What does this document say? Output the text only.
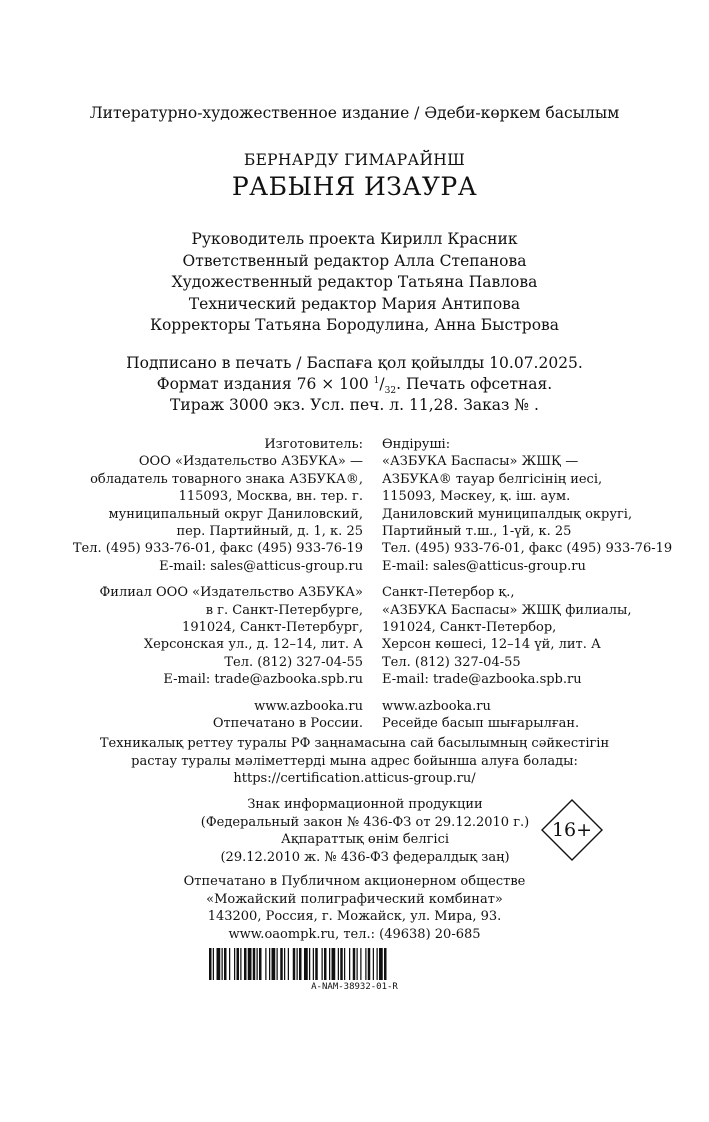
Литературно-художественное издание / Әдеби-көркем басылым
БЕРНАРДУ ГИМАРАЙНШ
РАБЫНЯ ИЗАУРА
Руководитель проекта Кирилл Красник
Ответственный редактор Алла Степанова
Художественный редактор Татьяна Павлова
Технический редактор Мария Антипова
Корректоры Татьяна Бородулина, Анна Быстрова
Подписано в печать / Баспаға қол қойылды 10.07.2025.
Формат издания 76 × 100 $^1/_{32}$. Печать офсетная.
Тираж 3000 экз. Усл. печ. л. 11,28. Заказ № .
Изготовитель:
ООО «Издательство АЗБУКА» —
обладатель товарного знака АЗБУКА®,
115093, Москва, вн. тер. г.
муниципальный округ Даниловский,
пер. Партийный, д. 1, к. 25
Тел. (495) 933-76-01, факс (495) 933-76-19
E-mail: sales@atticus-group.ru
Филиал ООО «Издательство АЗБУКА»
в г. Санкт-Петербурге,
191024, Санкт-Петербург,
Херсонская ул., д. 12–14, лит. А
Тел. (812) 327-04-55
E-mail: trade@azbooka.spb.ru
www.azbooka.ru
Отпечатано в России.
Өндіруші:
«АЗБУКА Баспасы» ЖШҚ —
АЗБУКА® тауар белгісінің иесі,
115093, Мәскеу, қ. іш. аум.
Даниловский муниципалдық округі,
Партийный т.ш., 1-үй, к. 25
Тел. (495) 933-76-01, факс (495) 933-76-19
E-mail: sales@atticus-group.ru
Санкт-Петербор қ.,
«АЗБУКА Баспасы» ЖШҚ филиалы,
191024, Санкт-Петербор,
Херсон көшесі, 12–14 үй, лит. А
Тел. (812) 327-04-55
E-mail: trade@azbooka.spb.ru
www.azbooka.ru
Ресейде басып шығарылған.
Техникалық реттеу туралы РФ заңнамасына сай басылымның сәйкестігін
растау туралы мәліметтерді мына адрес бойынша алуға болады:
https://certification.atticus-group.ru/
Знак информационной продукции
(Федеральный закон № 436-ФЗ от 29.12.2010 г.)
Ақпараттық өнім белгісі
(29.12.2010 ж. № 436-ФЗ федералдық заң)
16+
Отпечатано в Публичном акционерном обществе
«Можайский полиграфический комбинат»
143200, Россия, г. Можайск, ул. Мира, 93.
www.oaompk.ru, тел.: (49638) 20-685
A-NAM-38932-01-R
